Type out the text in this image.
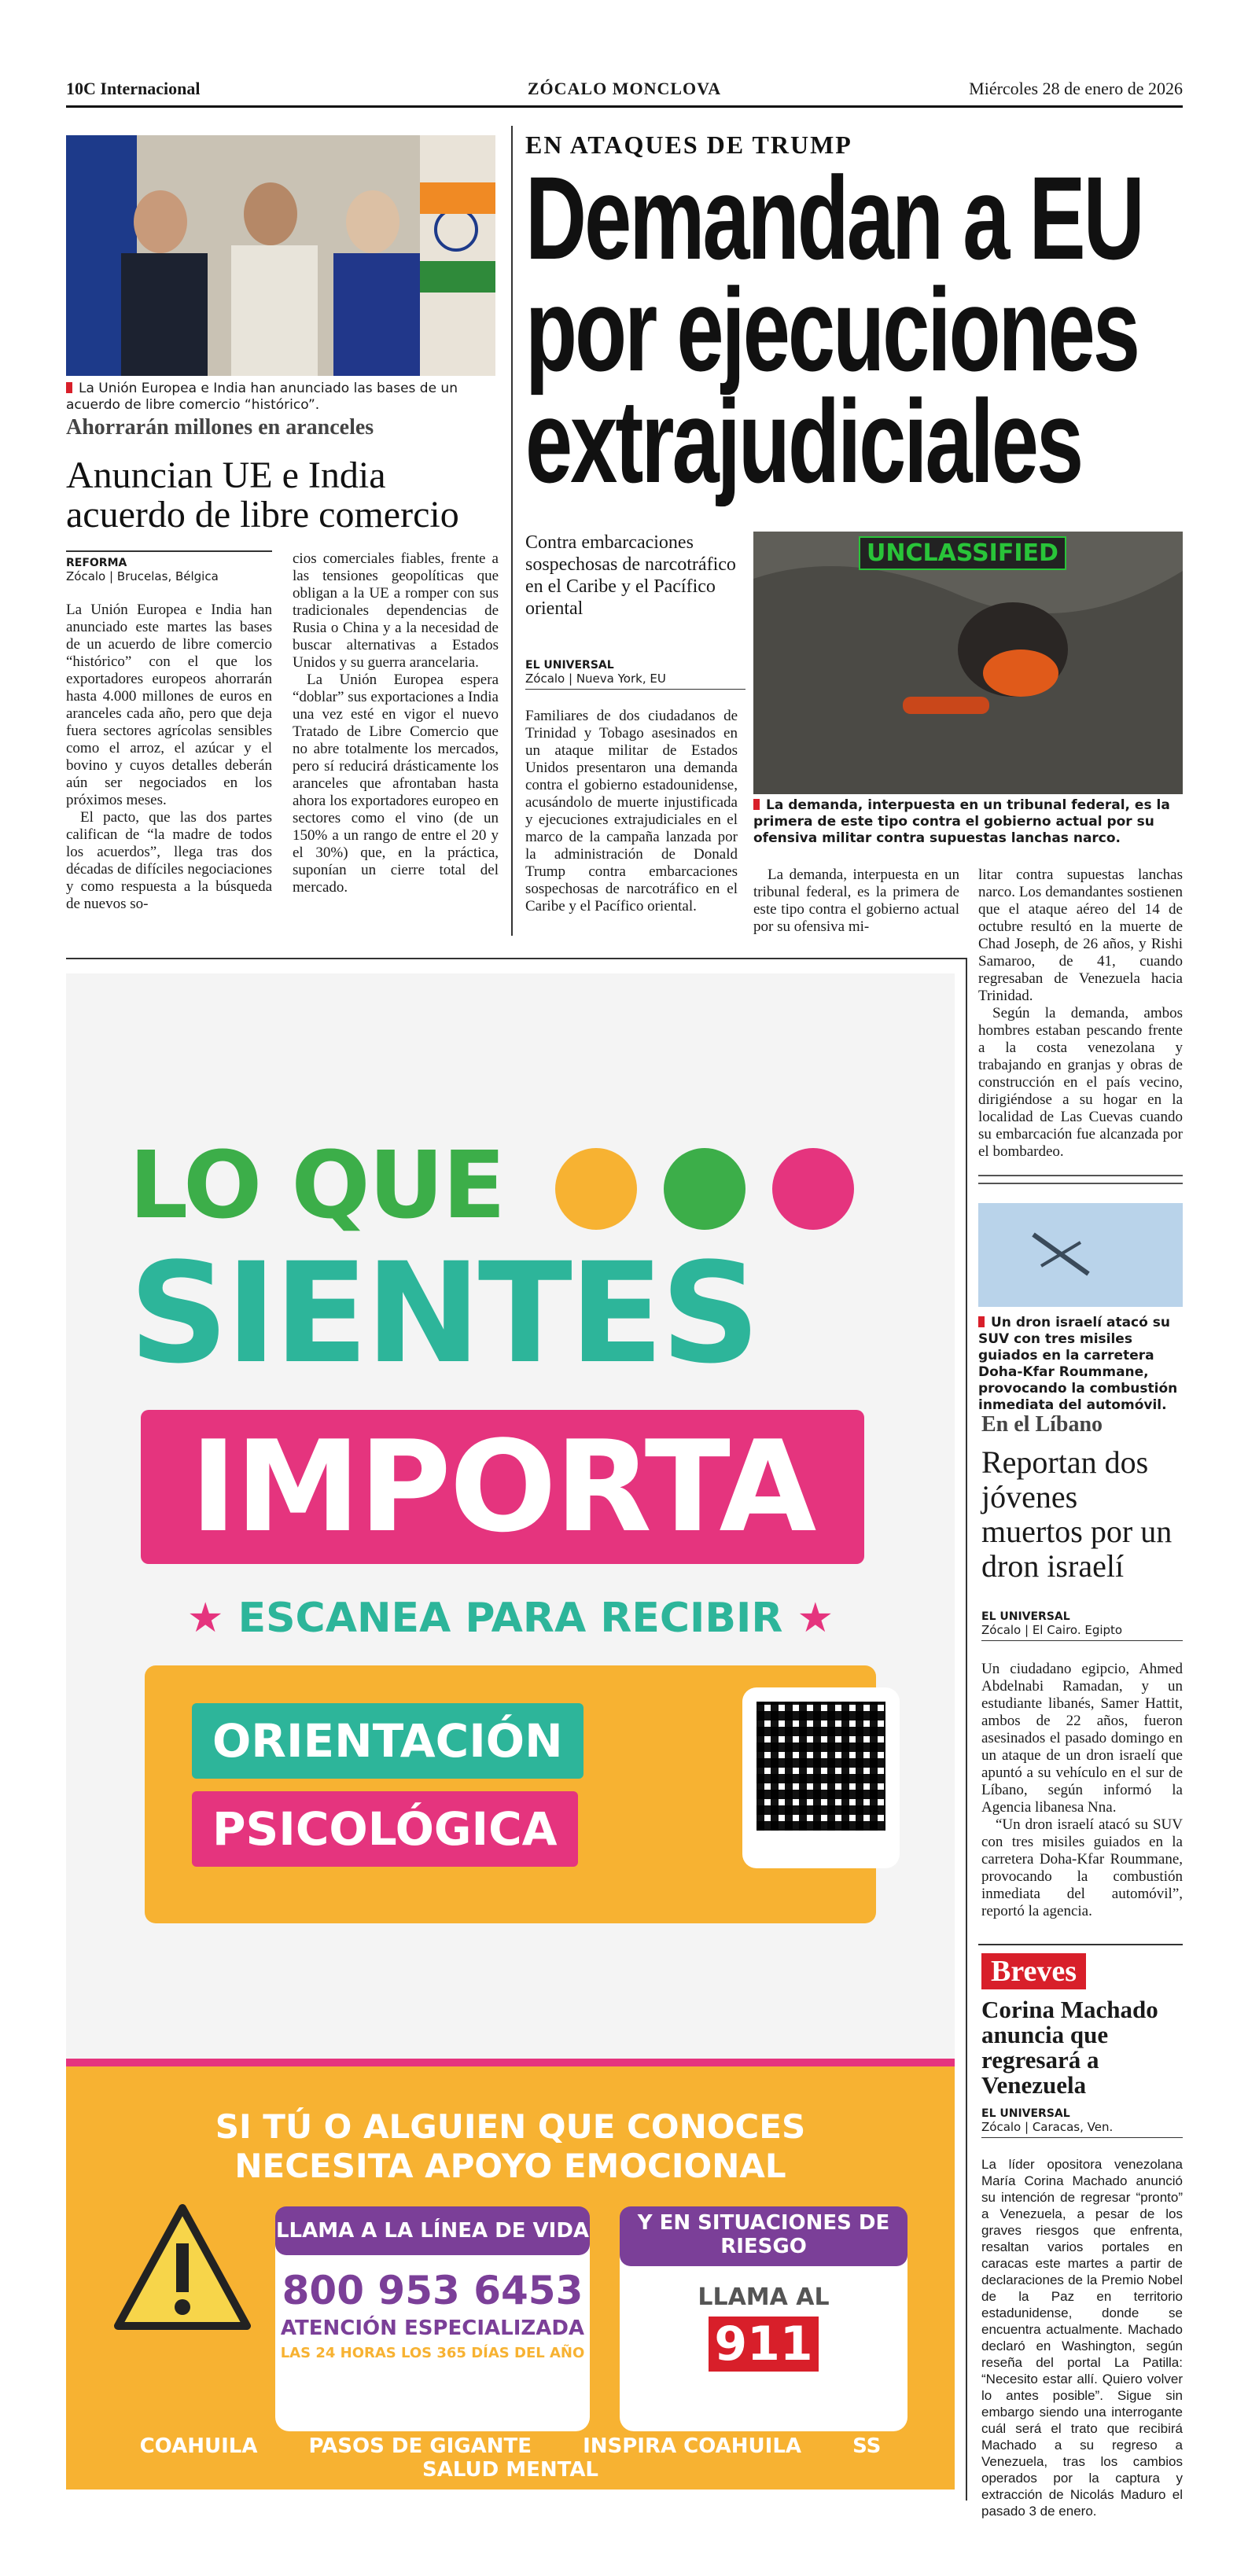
10C Internacional	ZÓCALO MONCLOVA	Miércoles 28 de enero de 2026
La Unión Europea e India han anunciado las bases de un acuerdo de libre comercio “histórico”.
Ahorrarán millones en aranceles
Anuncian UE e India
acuerdo de libre comercio
REFORMA
Zócalo | Brucelas, Bélgica

La Unión Europea e India han anunciado este martes las bases de un acuerdo de libre comercio “histórico” con el que los exportadores europeos ahorrarán hasta 4.000 millones de euros en aranceles cada año, pero que deja fuera sectores agrícolas sensibles como el arroz, el azúcar y el bovino y cuyos detalles deberán aún ser negociados en los próximos meses.

El pacto, que las dos partes califican de “la madre de todos los acuerdos”, llega tras dos décadas de difíciles negociaciones y como respuesta a la búsqueda de nuevos so-

cios comerciales fiables, frente a las tensiones geopolíticas que obligan a la UE a romper con sus tradicionales dependencias de Rusia o China y a la necesidad de buscar alternativas a Estados Unidos y su guerra arancelaria.

La Unión Europea espera “doblar” sus exportaciones a India una vez esté en vigor el nuevo Tratado de Libre Comercio que no abre totalmente los mercados, pero sí reducirá drásticamente los aranceles que afrontaban hasta ahora los exportadores europeo en sectores como el vino (de un 150% a un rango de entre el 20 y el 30%) que, en la práctica, suponían un cierre total del mercado.

EN ATAQUES DE TRUMP
Demandan a EU
por ejecuciones
extrajudiciales
Contra embarcaciones sospechosas de narcotráfico en el Caribe y el Pacífico oriental
EL UNIVERSAL
Zócalo | Nueva York, EU
UNCLASSIFIED
La demanda, interpuesta en un tribunal federal, es la primera de este tipo contra el gobierno actual por su ofensiva militar contra supuestas lanchas narco.

Familiares de dos ciudadanos de Trinidad y Tobago asesinados en un ataque militar de Estados Unidos presentaron una demanda contra el gobierno estadounidense, acusándolo de muerte injustificada y ejecuciones extrajudiciales en el marco de la campaña lanzada por la administración de Donald Trump contra embarcaciones sospechosas de narcotráfico en el Caribe y el Pacífico oriental.

La demanda, interpuesta en un tribunal federal, es la primera de este tipo contra el gobierno actual por su ofensiva mi-

litar contra supuestas lanchas narco. Los demandantes sostienen que el ataque aéreo del 14 de octubre resultó en la muerte de Chad Joseph, de 26 años, y Rishi Samaroo, de 41, cuando regresaban de Venezuela hacia Trinidad.

Según la demanda, ambos hombres estaban pescando frente a la costa venezolana y trabajando en granjas y obras de construcción en el país vecino, dirigiéndose a su hogar en la localidad de Las Cuevas cuando su embarcación fue alcanzada por el bombardeo.

Un dron israelí atacó su SUV con tres misiles guiados en la carretera Doha-Kfar Roummane, provocando la combustión inmediata del automóvil.
En el Líbano
Reportan dos jóvenes muertos por un dron israelí
EL UNIVERSAL
Zócalo | El Cairo. Egipto

Un ciudadano egipcio, Ahmed Abdelnabi Ramadan, y un estudiante libanés, Samer Hattit, ambos de 22 años, fueron asesinados el pasado domingo en un ataque de un dron israelí que apuntó a su vehículo en el sur de Líbano, según informó la Agencia libanesa Nna.

“Un dron israelí atacó su SUV con tres misiles guiados en la carretera Doha-Kfar Roummane, provocando la combustión inmediata del automóvil”, reportó la agencia.

Breves
Corina Machado anuncia que regresará a Venezuela
EL UNIVERSAL
Zócalo | Caracas, Ven.
La líder opositora venezolana María Corina Machado anunció su intención de regresar “pronto” a Venezuela, a pesar de los graves riesgos que enfrenta, resaltan varios portales en caracas este martes a partir de declaraciones de la Premio Nobel de la Paz en territorio estadunidense, donde se encuentra actualmente. Machado declaró en Washington, según reseña del portal La Patilla: “Necesito estar allí. Quiero volver lo antes posible”. Sigue sin embargo siendo una interrogante cuál será el trato que recibirá Machado a su regreso a Venezuela, tras los cambios operados por la captura y extracción de Nicolás Maduro el pasado 3 de enero.
LO QUE
SIENTES
IMPORTA
★ ESCANEA PARA RECIBIR ★
ORIENTACIÓN
PSICOLÓGICA
SI TÚ O ALGUIEN QUE CONOCES
NECESITA APOYO EMOCIONAL
LLAMA A LA LÍNEA DE VIDA
800 953 6453
ATENCIÓN ESPECIALIZADA
LAS 24 HORAS LOS 365 DÍAS DEL AÑO
Y EN SITUACIONES DE RIESGO
LLAMA AL
911
COAHUILA	PASOS DE GIGANTE	INSPIRA COAHUILA	SS SALUD MENTAL
